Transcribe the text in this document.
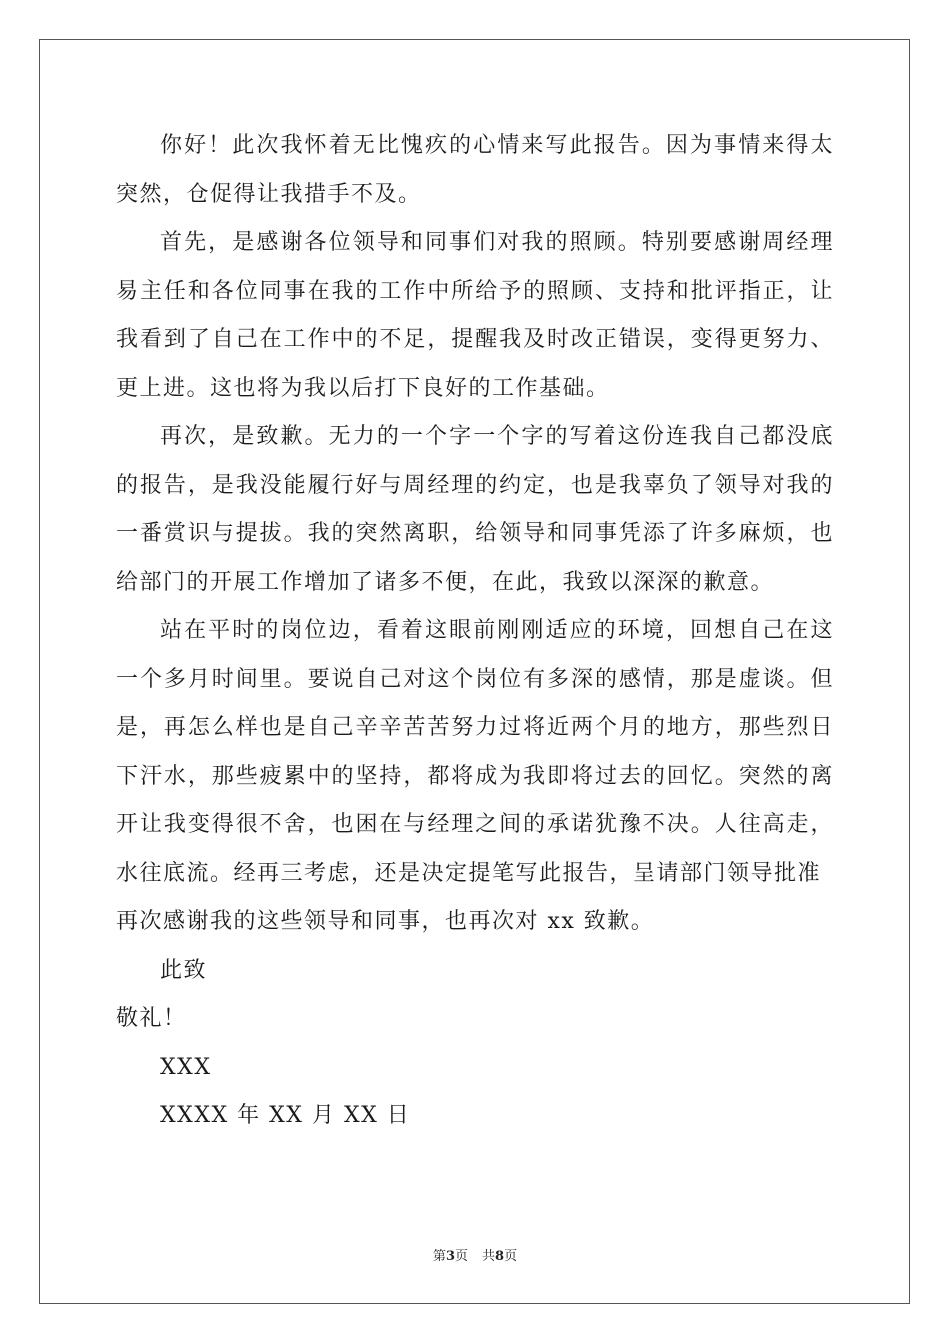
你好！此次我怀着无比愧疚的心情来写此报告。因为事情来得太突然，仓促得让我措手不及。

首先，是感谢各位领导和同事们对我的照顾。特别要感谢周经理易主任和各位同事在我的工作中所给予的照顾、支持和批评指正，让我看到了自己在工作中的不足，提醒我及时改正错误，变得更努力、更上进。这也将为我以后打下良好的工作基础。

再次，是致歉。无力的一个字一个字的写着这份连我自己都没底的报告，是我没能履行好与周经理的约定，也是我辜负了领导对我的一番赏识与提拔。我的突然离职，给领导和同事凭添了许多麻烦，也给部门的开展工作增加了诸多不便，在此，我致以深深的歉意。

站在平时的岗位边，看着这眼前刚刚适应的环境，回想自己在这一个多月时间里。要说自己对这个岗位有多深的感情，那是虚谈。但是，再怎么样也是自己辛辛苦苦努力过将近两个月的地方，那些烈日下汗水，那些疲累中的坚持，都将成为我即将过去的回忆。突然的离开让我变得很不舍，也困在与经理之间的承诺犹豫不决。人往高走，水往底流。经再三考虑，还是决定提笔写此报告，呈请部门领导批准

再次感谢我的这些领导和同事，也再次对 xx 致歉。

此致

敬礼！

XXX

XXXX 年 XX 月 XX 日

第3页 共8页
